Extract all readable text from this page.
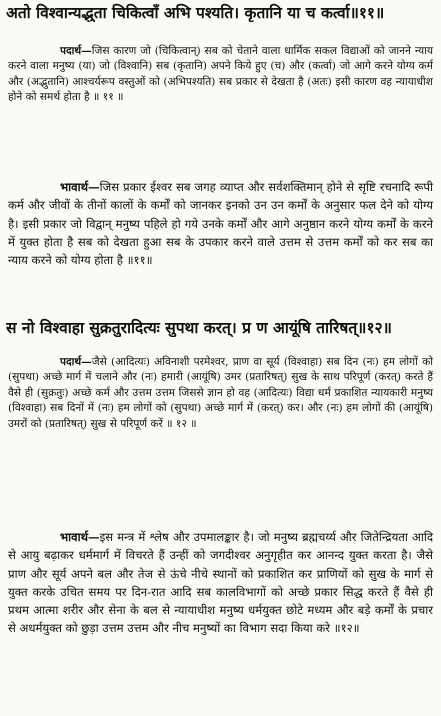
अतो विश्वान्यद्भुता चिकित्वाँ अभि पश्यति। कृतानि या च कर्त्वा॥११॥
पदार्थ—जिस कारण जो (चिकित्वान्) सब को चेताने वाला धार्मिक सकल विद्याओं को जानने न्याय करने वाला मनुष्य (या) जो (विश्वानि) सब (कृतानि) अपने किये हुए (च) और (कर्त्वा) जो आगे करने योग्य कर्म और (अद्भुतानि) आश्चर्यरूप वस्तुओं को (अभिपश्यति) सब प्रकार से देखता है (अतः) इसी कारण वह न्यायाधीश होने को समर्थ होता है ॥ ११ ॥
भावार्थ—जिस प्रकार ईश्वर सब जगह व्याप्त और सर्वशक्तिमान् होने से सृष्टि रचनादि रूपी कर्म और जीवों के तीनों कालों के कर्मों को जानकर इनको उन उन कर्मों के अनुसार फल देने को योग्य है। इसी प्रकार जो विद्वान् मनुष्य पहिले हो गये उनके कर्मों और आगे अनुष्ठान करने योग्य कर्मों के करने में युक्त होता है सब को देखता हुआ सब के उपकार करने वाले उत्तम से उत्तम कर्मों को कर सब का न्याय करने को योग्य होता है ॥११॥
स नो विश्वाहा सुक्रतुरादित्यः सुपथा करत्। प्र ण आयूंषि तारिषत्॥१२॥
पदार्थ—जैसे (आदित्यः) अविनाशी परमेश्वर, प्राण वा सूर्य (विश्वाहा) सब दिन (नः) हम लोगों को (सुपथा) अच्छे मार्ग में चलाने और (नः) हमारी (आयूंषि) उमर (प्रतारिषत्) सुख के साथ परिपूर्ण (करत्) करते हैं वैसे ही (सुक्रतुः) अच्छे कर्म और उत्तम उत्तम जिससे ज्ञान हो वह (आदित्यः) विद्या धर्म प्रकाशित न्यायकारी मनुष्य (विश्वाहा) सब दिनों में (नः) हम लोगों को (सुपथा) अच्छे मार्ग में (करत्) कर। और (नः) हम लोगों की (आयूंषि) उमरों को (प्रतारिषत्) सुख से परिपूर्ण करें ॥ १२ ॥
भावार्थ—इस मन्त्र में श्लेष और उपमालङ्कार है। जो मनुष्य ब्रह्मचर्य्य और जितेन्द्रियता आदि से आयु बढ़ाकर धर्ममार्ग में विचरते हैं उन्हीं को जगदीश्वर अनुगृहीत कर आनन्द युक्त करता है। जैसे प्राण और सूर्य अपने बल और तेज से ऊंचे नीचे स्थानों को प्रकाशित कर प्राणियों को सुख के मार्ग से युक्त करके उचित समय पर दिन-रात आदि सब कालविभागों को अच्छे प्रकार सिद्ध करते हैं वैसे ही प्रथम आत्मा शरीर और सेना के बल से न्यायाधीश मनुष्य धर्मयुक्त छोटे मध्यम और बड़े कर्मों के प्रचार से अधर्मयुक्त को छुड़ा उत्तम उत्तम और नीच मनुष्यों का विभाग सदा किया करे ॥१२॥
